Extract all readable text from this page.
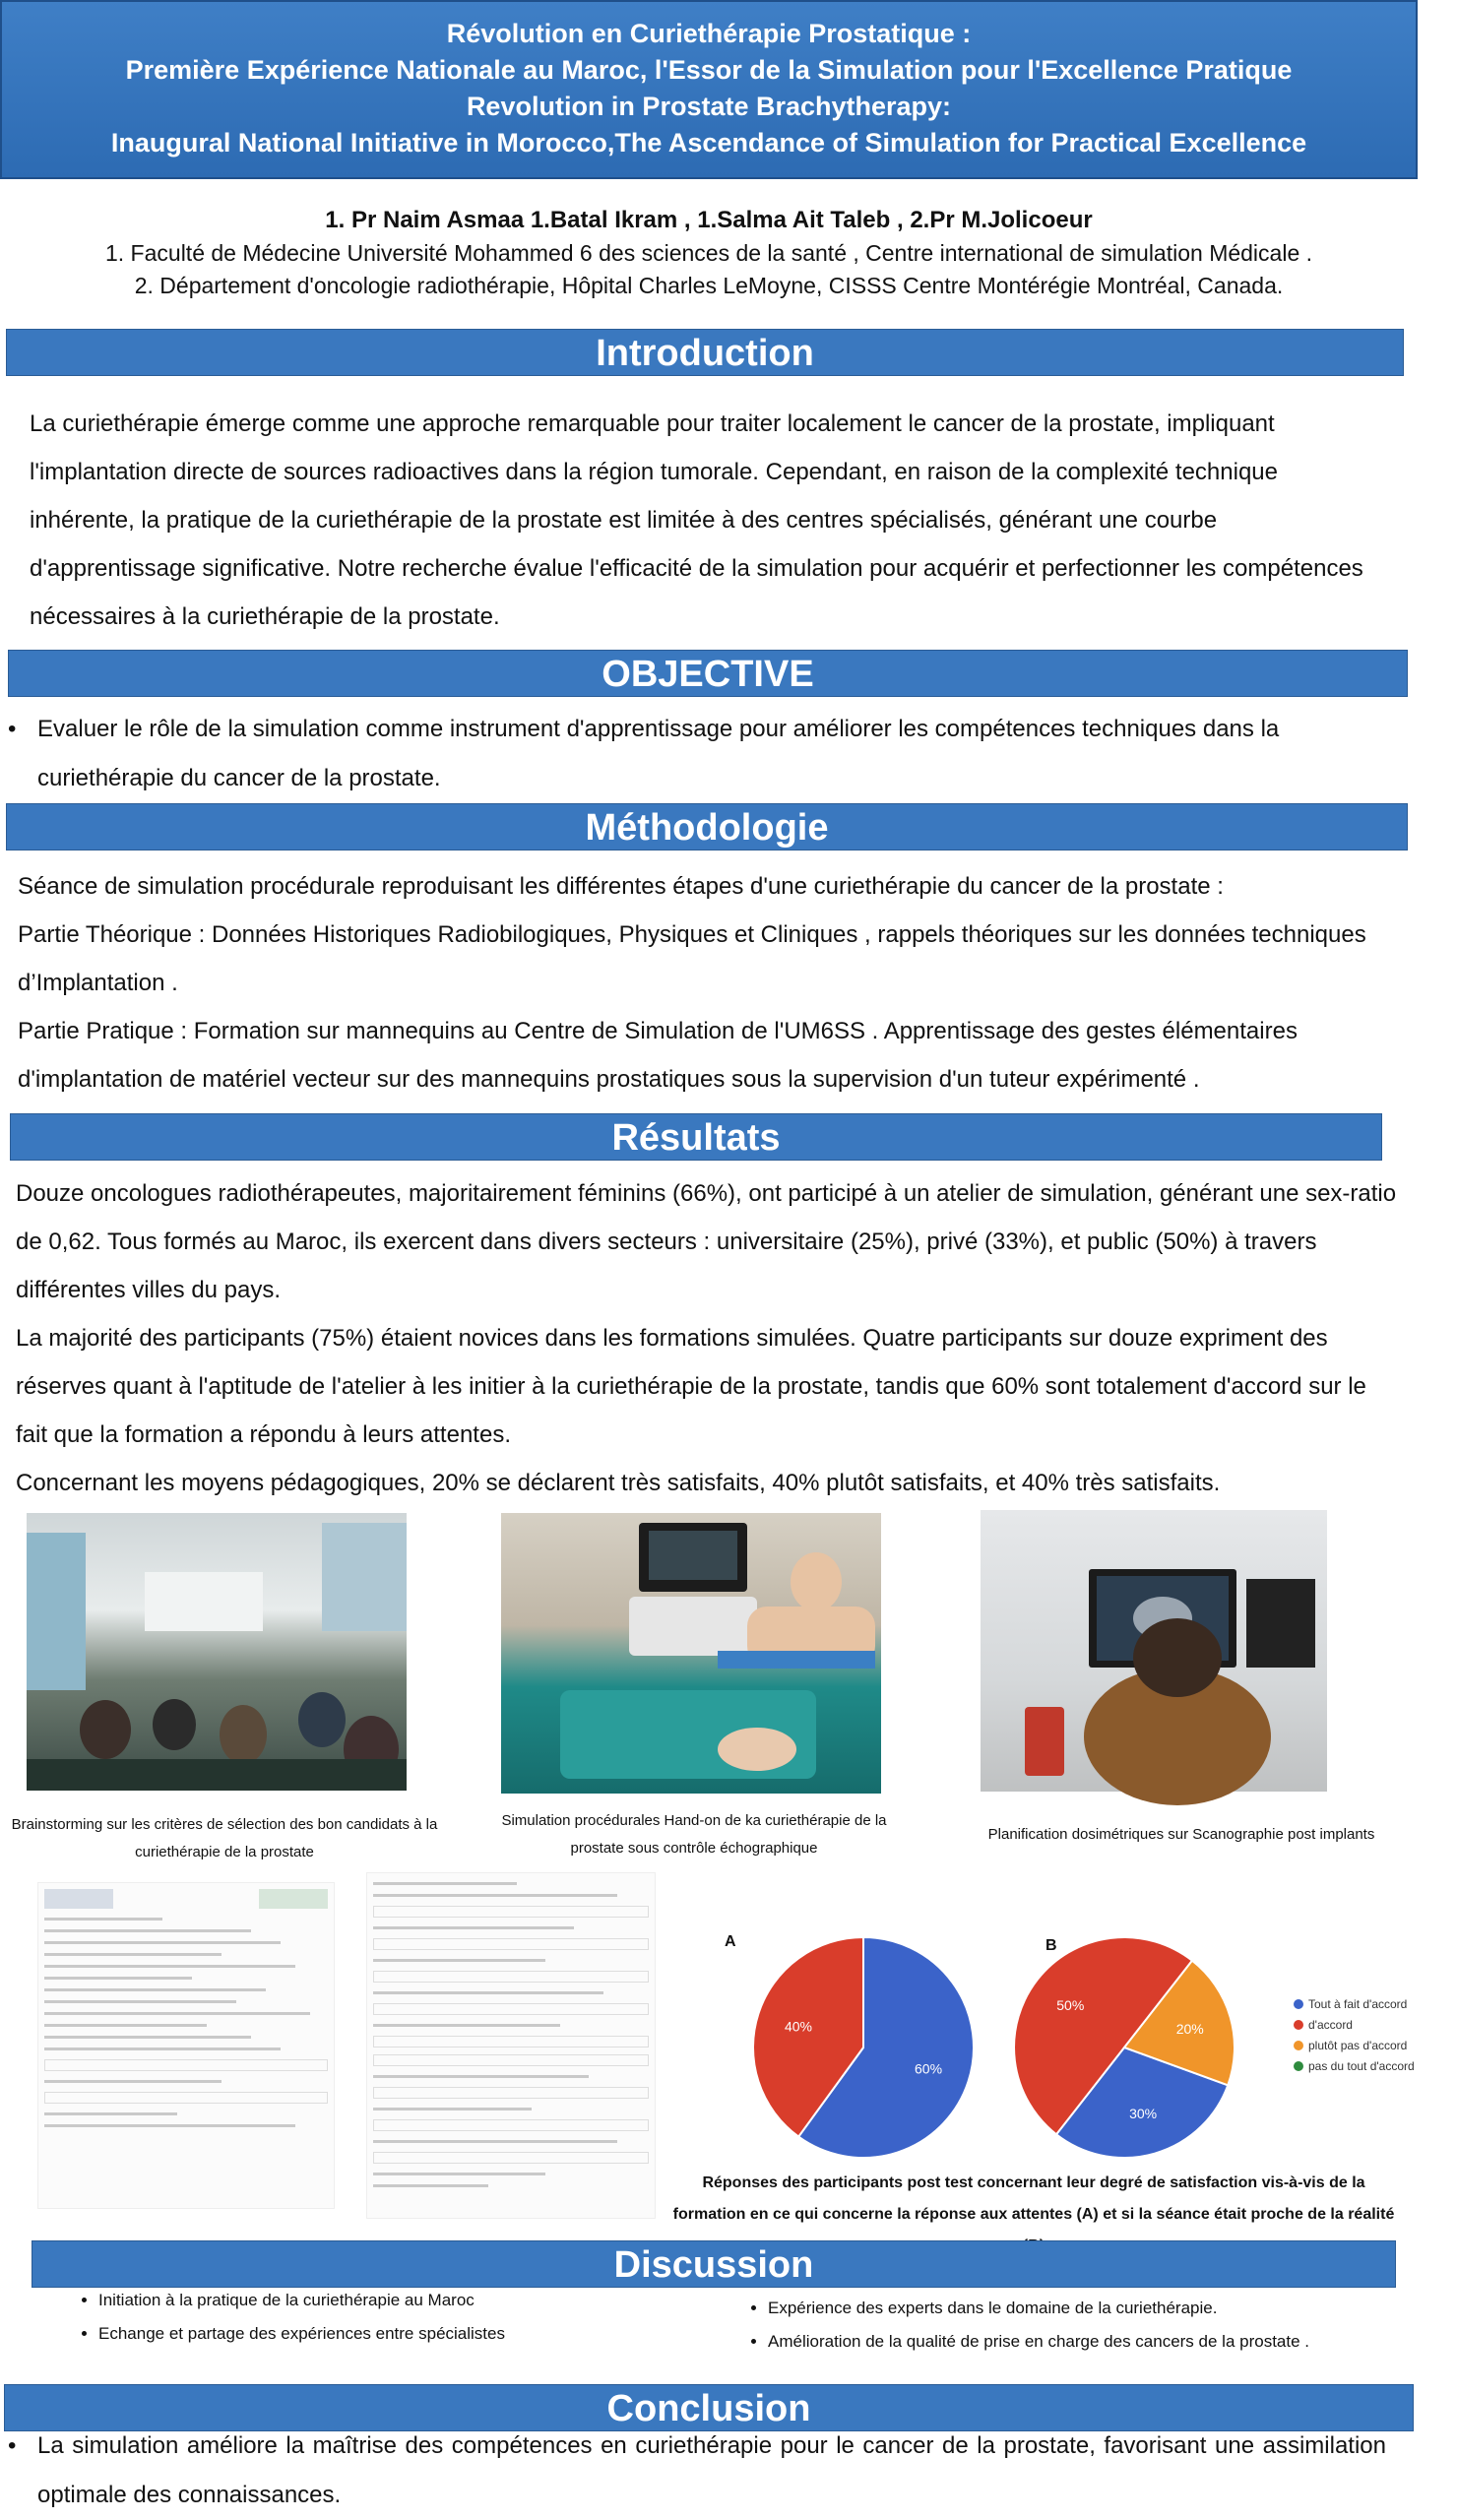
Révolution en Curiethérapie Prostatique :
Première Expérience Nationale au Maroc, l'Essor de la Simulation pour l'Excellence Pratique
Revolution in Prostate Brachytherapy:
Inaugural National Initiative in Morocco,The Ascendance of Simulation for Practical Excellence
1. Pr Naim Asmaa 1.Batal Ikram , 1.Salma Ait Taleb , 2.Pr M.Jolicoeur
1. Faculté de Médecine Université Mohammed 6 des sciences de la santé , Centre international de simulation Médicale .
2. Département d'oncologie radiothérapie, Hôpital Charles LeMoyne, CISSS Centre Montérégie Montréal, Canada.
Introduction

La curiethérapie émerge comme une approche remarquable pour traiter localement le cancer de la prostate, impliquant l'implantation directe de sources radioactives dans la région tumorale. Cependant, en raison de la complexité technique inhérente, la pratique de la curiethérapie de la prostate est limitée à des centres spécialisés, générant une courbe d'apprentissage significative. Notre recherche évalue l'efficacité de la simulation pour acquérir et perfectionner les compétences nécessaires à la curiethérapie de la prostate.

OBJECTIVE
• Evaluer le rôle de la simulation comme instrument d'apprentissage pour améliorer les compétences techniques dans la curiethérapie du cancer de la prostate.
Méthodologie

Séance de simulation procédurale reproduisant les différentes étapes d'une curiethérapie du cancer de la prostate :

Partie Théorique : Données Historiques Radiobilogiques, Physiques et Cliniques , rappels théoriques sur les données techniques d’Implantation .

Partie Pratique : Formation sur mannequins au Centre de Simulation de l'UM6SS . Apprentissage des gestes élémentaires d'implantation de matériel vecteur sur des mannequins prostatiques sous la supervision d'un tuteur expérimenté .

Résultats

Douze oncologues radiothérapeutes, majoritairement féminins (66%), ont participé à un atelier de simulation, générant une sex-ratio de 0,62. Tous formés au Maroc, ils exercent dans divers secteurs : universitaire (25%), privé (33%), et public (50%) à travers différentes villes du pays.

La majorité des participants (75%) étaient novices dans les formations simulées. Quatre participants sur douze expriment des réserves quant à l'aptitude de l'atelier à les initier à la curiethérapie de la prostate, tandis que 60% sont totalement d'accord sur le fait que la formation a répondu à leurs attentes.

Concernant les moyens pédagogiques, 20% se déclarent très satisfaits, 40% plutôt satisfaits, et 40% très satisfaits.

Brainstorming sur les critères de sélection des bon candidats à la curiethérapie de la prostate
Simulation procédurales Hand-on de ka curiethérapie de la prostate sous contrôle échographique
Planification dosimétriques sur Scanographie post implants
A	B
60%
40%
30%
50%
20%
Tout à fait d'accord
d'accord
plutôt pas d'accord
pas du tout d'accord
Réponses des participants post test concernant leur degré de satisfaction vis-à-vis de la formation en ce qui concerne la réponse aux attentes (A) et si la séance était proche de la réalité
Discussion
• Initiation à la pratique de la curiethérapie au Maroc
• Echange et partage des expériences entre spécialistes
• Expérience des experts dans le domaine de la curiethérapie.
• Amélioration de la qualité de prise en charge des cancers de la prostate .
Conclusion
• La simulation améliore la maîtrise des compétences en curiethérapie pour le cancer de la prostate, favorisant une assimilation optimale des connaissances.
